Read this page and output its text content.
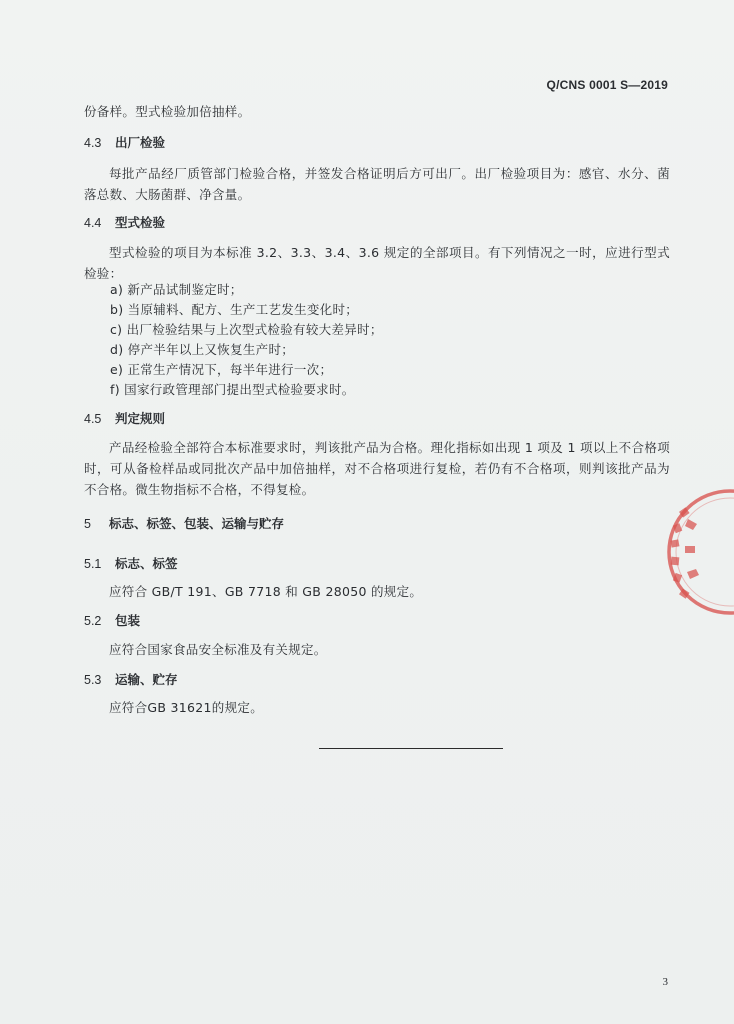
Q/CNS 0001 S—2019
份备样。型式检验加倍抽样。
4.3 出厂检验
每批产品经厂质管部门检验合格，并签发合格证明后方可出厂。出厂检验项目为：感官、水分、菌落总数、大肠菌群、净含量。
4.4 型式检验
型式检验的项目为本标准 3.2、3.3、3.4、3.6 规定的全部项目。有下列情况之一时，应进行型式检验：
a) 新产品试制鉴定时；
b) 当原辅料、配方、生产工艺发生变化时；
c) 出厂检验结果与上次型式检验有较大差异时；
d) 停产半年以上又恢复生产时；
e) 正常生产情况下，每半年进行一次；
f) 国家行政管理部门提出型式检验要求时。
4.5 判定规则
产品经检验全部符合本标准要求时，判该批产品为合格。理化指标如出现 1 项及 1 项以上不合格项时，可从备检样品或同批次产品中加倍抽样，对不合格项进行复检，若仍有不合格项，则判该批产品为不合格。微生物指标不合格，不得复检。
5 标志、标签、包装、运输与贮存
5.1 标志、标签
应符合 GB/T 191、GB 7718 和 GB 28050 的规定。
5.2 包装
应符合国家食品安全标准及有关规定。
5.3 运输、贮存
应符合GB 31621的规定。
3
